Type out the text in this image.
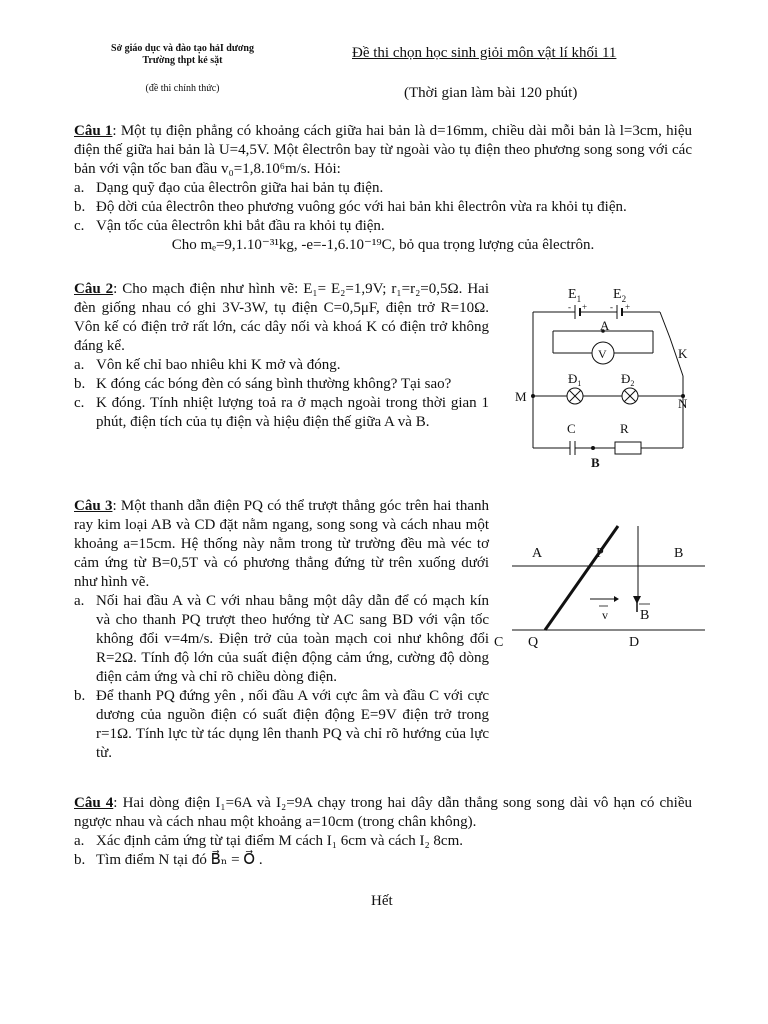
Sở giáo dục và đào tạo hảI dương
Trường thpt kẻ sặt
(đề thi chính thức)
Đề thi chọn học sinh giỏi môn vật lí khối 11
(Thời gian làm bài 120 phút)
Câu 1: Một tụ điện phẳng có khoảng cách giữa hai bản là d=16mm, chiều dài mỗi bản là l=3cm, hiệu điện thế giữa hai bản là U=4,5V. Một êlectrôn bay từ ngoài vào tụ điện theo phương song song với các bản với vận tốc ban đầu v₀=1,8.10⁶m/s. Hỏi:
a. Dạng quỹ đạo của êlectrôn giữa hai bản tụ điện.
b. Độ dời của êlectrôn theo phương vuông góc với hai bản khi êlectrôn vừa ra khỏi tụ điện.
c. Vận tốc của êlectrôn khi bắt đầu ra khỏi tụ điện.
Cho mₑ=9,1.10⁻³¹kg, -e=-1,6.10⁻¹⁹C, bỏ qua trọng lượng của êlectrôn.
Câu 2: Cho mạch điện như hình vẽ: E₁= E₂=1,9V; r₁=r₂=0,5Ω. Hai đèn giống nhau có ghi 3V-3W, tụ điện C=0,5μF, điện trở R=10Ω. Vôn kế có điện trở rất lớn, các dây nối và khoá K có điện trở không đáng kể.
a. Vôn kế chỉ bao nhiêu khi K mở và đóng.
b. K đóng các bóng đèn có sáng bình thường không? Tại sao?
c. K đóng. Tính nhiệt lượng toả ra ở mạch ngoài trong thời gian 1 phút, điện tích của tụ điện và hiệu điện thế giữa A và B.
$E_1$ $E_2$
- +	- +
A
V	K
M	N
$Đ_1$	$Đ_2$
C	R
B
Câu 3: Một thanh dẫn điện PQ có thể trượt thẳng góc trên hai thanh ray kim loại AB và CD đặt nằm ngang, song song và cách nhau một khoảng a=15cm. Hệ thống này nằm trong từ trường đều mà véc tơ cảm ứng từ B=0,5T và có phương thẳng đứng từ trên xuống dưới như hình vẽ.
a. Nối hai đầu A và C với nhau bằng một dây dẫn để có mạch kín và cho thanh PQ trượt theo hướng từ AC sang BD với vận tốc không đổi v=4m/s. Điện trở của toàn mạch coi như không đổi R=2Ω. Tính độ lớn của suất điện động cảm ứng, cường độ dòng điện cảm ứng và chỉ rõ chiều dòng điện.
b. Để thanh PQ đứng yên , nối đầu A với cực âm và đầu C với cực dương của nguồn điện có suất điện động E=9V điện trở trong r=1Ω. Tính lực từ tác dụng lên thanh PQ và chỉ rõ hướng của lực từ.
A	P	B
C Q	D
v B
Câu 4: Hai dòng điện I₁=6A và I₂=9A chạy trong hai dây dẫn thẳng song song dài vô hạn có chiều ngược nhau và cách nhau một khoảng a=10cm (trong chân không).
a. Xác định cảm ứng từ tại điểm M cách I₁ 6cm và cách I₂ 8cm.
b. Tìm điểm N tại đó B⃗ₙ = O⃗ .
Hết
